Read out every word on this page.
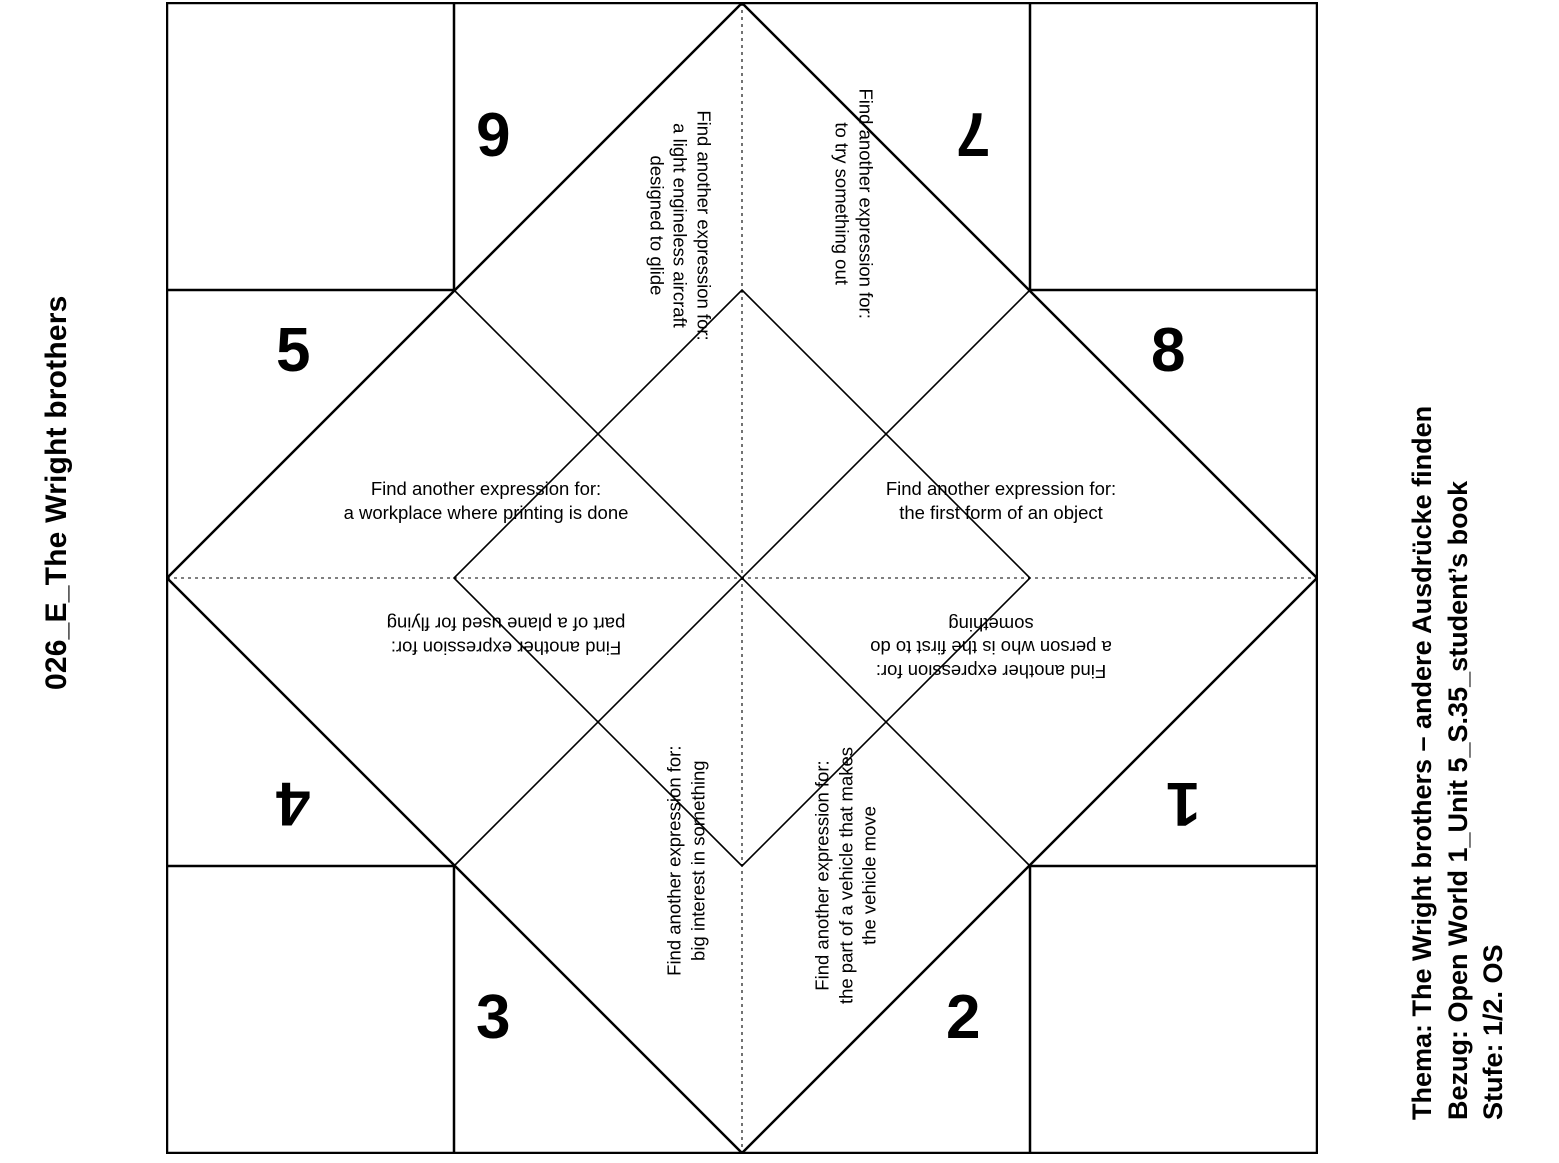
026_E_The Wright brothers	Thema: The Wright brothers – andere Ausdrücke finden Bezug: Open World 1_Unit 5_S.35_student’s book Stufe: 1/2. OS
6	7
5	8
4	1
3	2
Find another expression for:
a light engineless aircraft designed to glide	Find another expression for:
to try something out
Find another expression for:
a workplace where printing is done
Find another expression for:
the first form of an object
Find another expression for:
part of a plane used for flying
Find another expression for:
a person who is the first to do something
Find another expression for: big interest in something	Find another expression for: the part of a vehicle that makes the vehicle move
